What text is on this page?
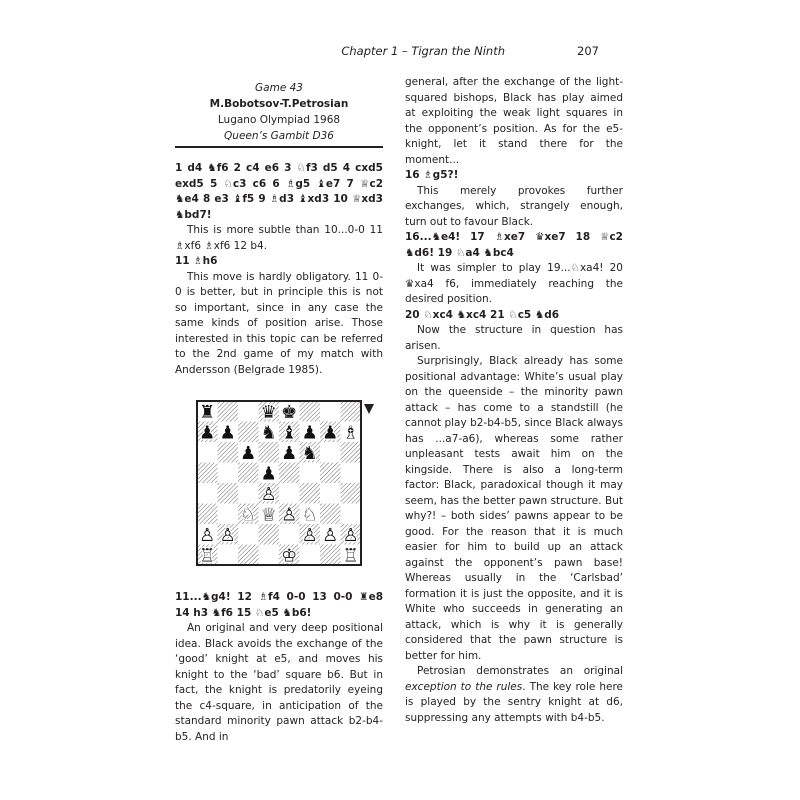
Chapter 1 – Tigran the Ninth	207
Game 43
M.Bobotsov-T.Petrosian
Lugano Olympiad 1968
Queen’s Gambit D36

1 d4 ♞f6 2 c4 e6 3 ♘f3 d5 4 cxd5 exd5 5 ♘c3 c6 6 ♗g5 ♝e7 7 ♕c2 ♞e4 8 e3 ♝f5 9 ♗d3 ♝xd3 10 ♕xd3 ♞bd7!

This is more subtle than 10...0-0 11 ♗xf6 ♗xf6 12 b4.

11 ♗h6

This move is hardly obligatory. 11 0-0 is better, but in principle this is not so important, since in any case the same kinds of position arise. Those interested in this topic can be referred to the 2nd game of my match with Andersson (Belgrade 1985).

♜	♛ ♚
♟ ♟ ♞ ♝ ♟ ♟ ♗
♟ ♟ ♞
♟
♙
♘ ♕ ♙ ♘
♙ ♙	♙ ♙ ♙
♖	♔	♖

11...♞g4! 12 ♗f4 0-0 13 0-0 ♜e8 14 h3 ♞f6 15 ♘e5 ♞b6!

An original and very deep positional idea. Black avoids the exchange of the ‘good’ knight at e5, and moves his knight to the ‘bad’ square b6. But in fact, the knight is predatorily eyeing the c4-square, in anticipation of the standard minority pawn attack b2-b4-b5. And in

general, after the exchange of the light-squared bishops, Black has play aimed at exploiting the weak light squares in the opponent’s position. As for the e5-knight, let it stand there for the moment...

16 ♗g5?!

This merely provokes further exchanges, which, strangely enough, turn out to favour Black.

16...♞e4! 17 ♗xe7 ♛xe7 18 ♕c2 ♞d6! 19 ♘a4 ♞bc4

It was simpler to play 19...♘xa4! 20 ♛xa4 f6, immediately reaching the desired position.

20 ♘xc4 ♞xc4 21 ♘c5 ♞d6

Now the structure in question has arisen.

Surprisingly, Black already has some positional advantage: White’s usual play on the queenside – the minority pawn attack – has come to a standstill (he cannot play b2-b4-b5, since Black always has ...a7-a6), whereas some rather unpleasant tests await him on the kingside. There is also a long-term factor: Black, paradoxical though it may seem, has the better pawn structure. But why?! – both sides’ pawns appear to be good. For the reason that it is much easier for him to build up an attack against the opponent’s pawn base! Whereas usually in the ‘Carlsbad’ formation it is just the opposite, and it is White who succeeds in generating an attack, which is why it is generally considered that the pawn structure is better for him.

Petrosian demonstrates an original exception to the rules. The key role here is played by the sentry knight at d6, suppressing any attempts with b4-b5.
